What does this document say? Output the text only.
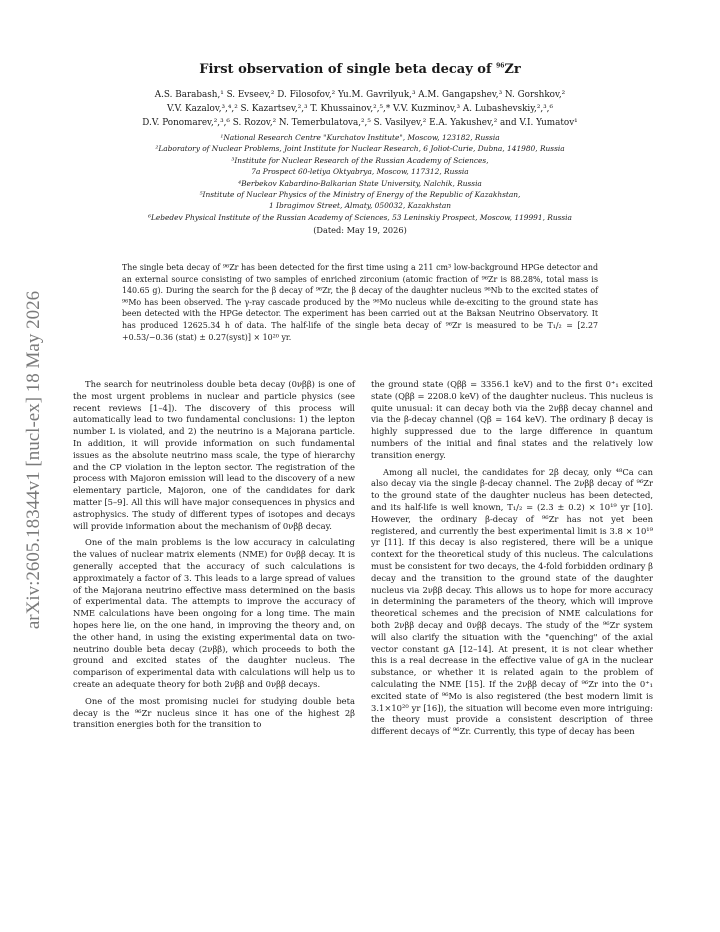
arXiv:2605.18344v1 [nucl-ex] 18 May 2026
First observation of single beta decay of $^{96}$Zr
A.S. Barabash,¹ S. Evseev,² D. Filosofov,² Yu.M. Gavrilyuk,³ A.M. Gangapshev,³ N. Gorshkov,²
V.V. Kazalov,³,⁴,² S. Kazartsev,²,³ T. Khussainov,²,⁵,* V.V. Kuzminov,³ A. Lubashevskiy,²,³,⁶
D.V. Ponomarev,²,³,⁶ S. Rozov,² N. Temerbulatova,²,⁵ S. Vasilyev,² E.A. Yakushev,² and V.I. Yumatov¹
¹National Research Centre "Kurchatov Institute", Moscow, 123182, Russia
²Laboratory of Nuclear Problems, Joint Institute for Nuclear Research, 6 Joliot-Curie, Dubna, 141980, Russia
³Institute for Nuclear Research of the Russian Academy of Sciences,
7a Prospect 60-letiya Oktyabrya, Moscow, 117312, Russia
⁴Berbekov Kabardino-Balkarian State University, Nalchik, Russia
⁵Institute of Nuclear Physics of the Ministry of Energy of the Republic of Kazakhstan,
1 Ibragimov Street, Almaty, 050032, Kazakhstan
⁶Lebedev Physical Institute of the Russian Academy of Sciences, 53 Leninskiy Prospect, Moscow, 119991, Russia
(Dated: May 19, 2026)
The single beta decay of ⁹⁶Zr has been detected for the first time using a 211 cm³ low-background HPGe detector and an external source consisting of two samples of enriched zirconium (atomic fraction of ⁹⁶Zr is 88.28%, total mass is 140.65 g). During the search for the β decay of ⁹⁶Zr, the β decay of the daughter nucleus ⁹⁶Nb to the excited states of ⁹⁶Mo has been observed. The γ-ray cascade produced by the ⁹⁶Mo nucleus while de-exciting to the ground state has been detected with the HPGe detector. The experiment has been carried out at the Baksan Neutrino Observatory. It has produced 12625.34 h of data. The half-life of the single beta decay of ⁹⁶Zr is measured to be T₁/₂ = [2.27 +0.53/−0.36 (stat) ± 0.27(syst)] × 10²⁰ yr.

The search for neutrinoless double beta decay (0νββ) is one of the most urgent problems in nuclear and particle physics (see recent reviews [1–4]). The discovery of this process will automatically lead to two fundamental conclusions: 1) the lepton number L is violated, and 2) the neutrino is a Majorana particle. In addition, it will provide information on such fundamental issues as the absolute neutrino mass scale, the type of hierarchy and the CP violation in the lepton sector. The registration of the process with Majoron emission will lead to the discovery of a new elementary particle, Majoron, one of the candidates for dark matter [5–9]. All this will have major consequences in physics and astrophysics. The study of different types of isotopes and decays will provide information about the mechanism of 0νββ decay.

One of the main problems is the low accuracy in calculating the values of nuclear matrix elements (NME) for 0νββ decay. It is generally accepted that the accuracy of such calculations is approximately a factor of 3. This leads to a large spread of values of the Majorana neutrino effective mass determined on the basis of experimental data. The attempts to improve the accuracy of NME calculations have been ongoing for a long time. The main hopes here lie, on the one hand, in improving the theory and, on the other hand, in using the existing experimental data on two-neutrino double beta decay (2νββ), which proceeds to both the ground and excited states of the daughter nucleus. The comparison of experimental data with calculations will help us to create an adequate theory for both 2νββ and 0νββ decays.

One of the most promising nuclei for studying double beta decay is the ⁹⁶Zr nucleus since it has one of the highest 2β transition energies both for the transition to

the ground state (Qββ = 3356.1 keV) and to the first 0⁺₁ excited state (Qββ = 2208.0 keV) of the daughter nucleus. This nucleus is quite unusual: it can decay both via the 2νββ decay channel and via the β-decay channel (Qβ = 164 keV). The ordinary β decay is highly suppressed due to the large difference in quantum numbers of the initial and final states and the relatively low transition energy.

Among all nuclei, the candidates for 2β decay, only ⁴⁸Ca can also decay via the single β-decay channel. The 2νββ decay of ⁹⁶Zr to the ground state of the daughter nucleus has been detected, and its half-life is well known, T₁/₂ = (2.3 ± 0.2) × 10¹⁹ yr [10]. However, the ordinary β-decay of ⁹⁶Zr has not yet been registered, and currently the best experimental limit is 3.8 × 10¹⁹ yr [11]. If this decay is also registered, there will be a unique context for the theoretical study of this nucleus. The calculations must be consistent for two decays, the 4-fold forbidden ordinary β decay and the transition to the ground state of the daughter nucleus via 2νββ decay. This allows us to hope for more accuracy in determining the parameters of the theory, which will improve theoretical schemes and the precision of NME calculations for both 2νββ decay and 0νββ decays. The study of the ⁹⁶Zr system will also clarify the situation with the "quenching" of the axial vector constant gA [12–14]. At present, it is not clear whether this is a real decrease in the effective value of gA in the nuclear substance, or whether it is related again to the problem of calculating the NME [15]. If the 2νββ decay of ⁹⁶Zr into the 0⁺₁ excited state of ⁹⁶Mo is also registered (the best modern limit is 3.1×10²⁰ yr [16]), the situation will become even more intriguing: the theory must provide a consistent description of three different decays of ⁹⁶Zr. Currently, this type of decay has been
